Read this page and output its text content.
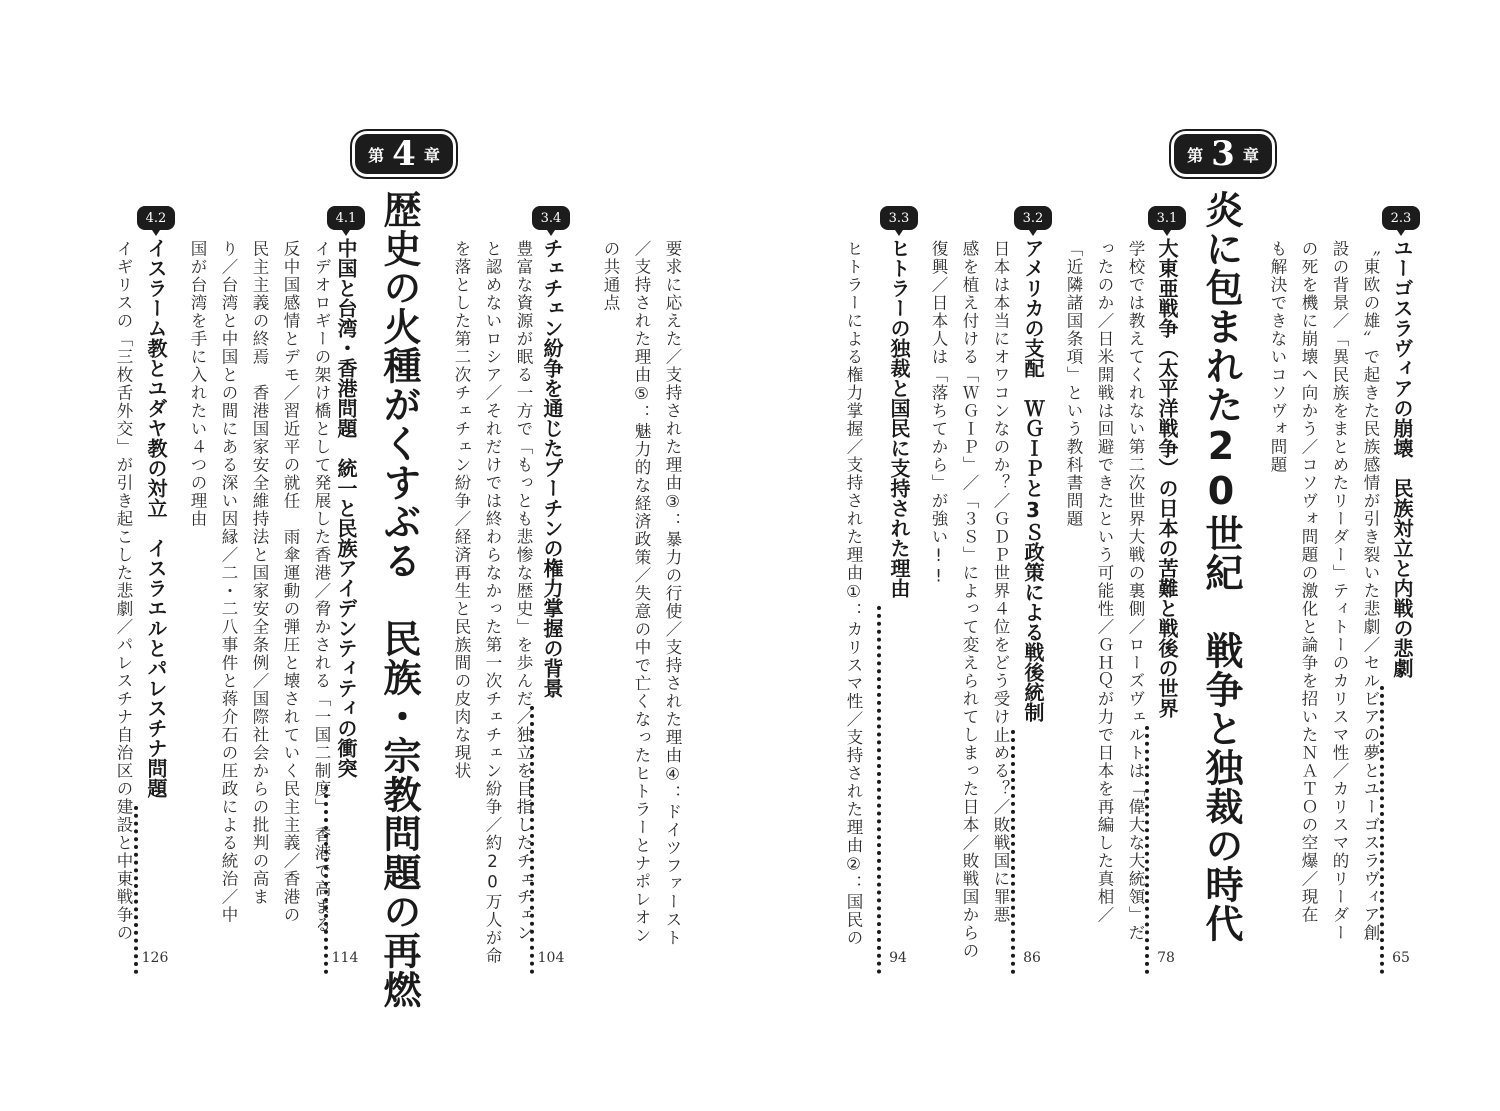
第 3 章
炎に包まれた20世紀　戦争と独裁の時代
第 4 章
歴史の火種がくすぶる　民族・宗教問題の再燃	2.3
ユーゴスラヴィアの崩壊　民族対立と内戦の悲劇
65
〝東欧の雄〟で起きた民族感情が引き裂いた悲劇／セルビアの夢とユーゴスラヴィア創
設の背景／「異民族をまとめたリーダー」ティトーのカリスマ性／カリスマ的リーダー
の死を機に崩壊へ向かう／コソヴォ問題の激化と論争を招いたＮＡＴＯの空爆／現在
も解決できないコソヴォ問題
3.1
大東亜戦争（太平洋戦争）の日本の苦難と戦後の世界
78
学校では教えてくれない第二次世界大戦の裏側／ローズヴェルトは「偉大な大統領」だ
ったのか／日米開戦は回避できたという可能性／ＧＨＱが力で日本を再編した真相／
「近隣諸国条項」という教科書問題
3.2
アメリカの支配　ＷＧＩＰと3Ｓ政策による戦後統制
86
日本は本当にオワコンなのか？／ＧＤＰ世界４位をどう受け止める？／敗戦国に罪悪
感を植え付ける「ＷＧＩＰ」／「３Ｓ」によって変えられてしまった日本／敗戦国からの
復興／日本人は「落ちてから」が強い!!
3.3
ヒトラーの独裁と国民に支持された理由
94
ヒトラーによる権力掌握／支持された理由①：カリスマ性／支持された理由②：国民の
要求に応えた／支持された理由③：暴力の行使／支持された理由④：ドイツファースト
／支持された理由⑤：魅力的な経済政策／失意の中で亡くなったヒトラーとナポレオン
の共通点
3.4
チェチェン紛争を通じたプーチンの権力掌握の背景
104
豊富な資源が眠る一方で「もっとも悲惨な歴史」を歩んだ／独立を目指したチェチェン
と認めないロシア／それだけでは終わらなかった第一次チェチェン紛争／約20万人が命
を落とした第二次チェチェン紛争／経済再生と民族間の皮肉な現状
4.1
中国と台湾・香港問題　統一と民族アイデンティティの衝突
114
イデオロギーの架け橋として発展した香港／脅かされる「一国二制度」　香港で高まる
反中国感情とデモ／習近平の就任　雨傘運動の弾圧と壊されていく民主主義／香港の
民主主義の終焉　香港国家安全維持法と国家安全条例／国際社会からの批判の高ま
り／台湾と中国との間にある深い因縁／二・二八事件と蒋介石の圧政による統治／中
国が台湾を手に入れたい４つの理由
4.2
イスラーム教とユダヤ教の対立　イスラエルとパレスチナ問題
126
イギリスの「三枚舌外交」が引き起こした悲劇／パレスチナ自治区の建設と中東戦争の
